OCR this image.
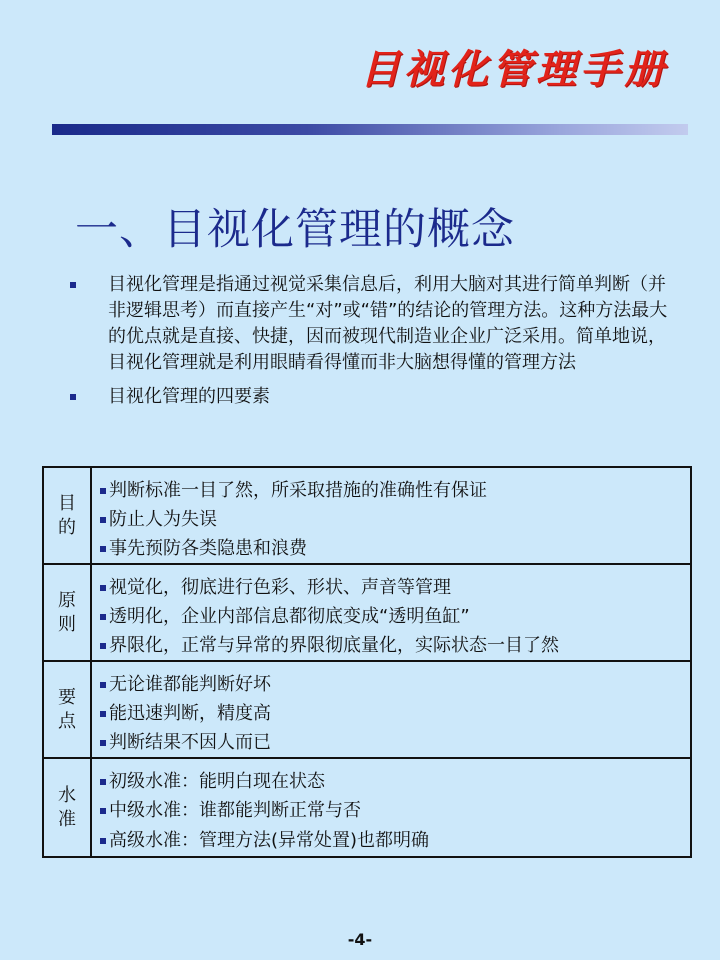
目视化管理手册
一、目视化管理的概念
目视化管理是指通过视觉采集信息后，利用大脑对其进行简单判断（并非逻辑思考）而直接产生“对”或“错”的结论的管理方法。这种方法最大的优点就是直接、快捷，因而被现代制造业企业广泛采用。简单地说，目视化管理就是利用眼睛看得懂而非大脑想得懂的管理方法
目视化管理的四要素
目的
判断标准一目了然，所采取措施的准确性有保证
防止人为失误
事先预防各类隐患和浪费
原则
视觉化，彻底进行色彩、形状、声音等管理
透明化，企业内部信息都彻底变成“透明鱼缸”
界限化，正常与异常的界限彻底量化，实际状态一目了然
要点
无论谁都能判断好坏
能迅速判断，精度高
判断结果不因人而已
水准
初级水准：能明白现在状态
中级水准：谁都能判断正常与否
高级水准：管理方法(异常处置)也都明确
-4-
